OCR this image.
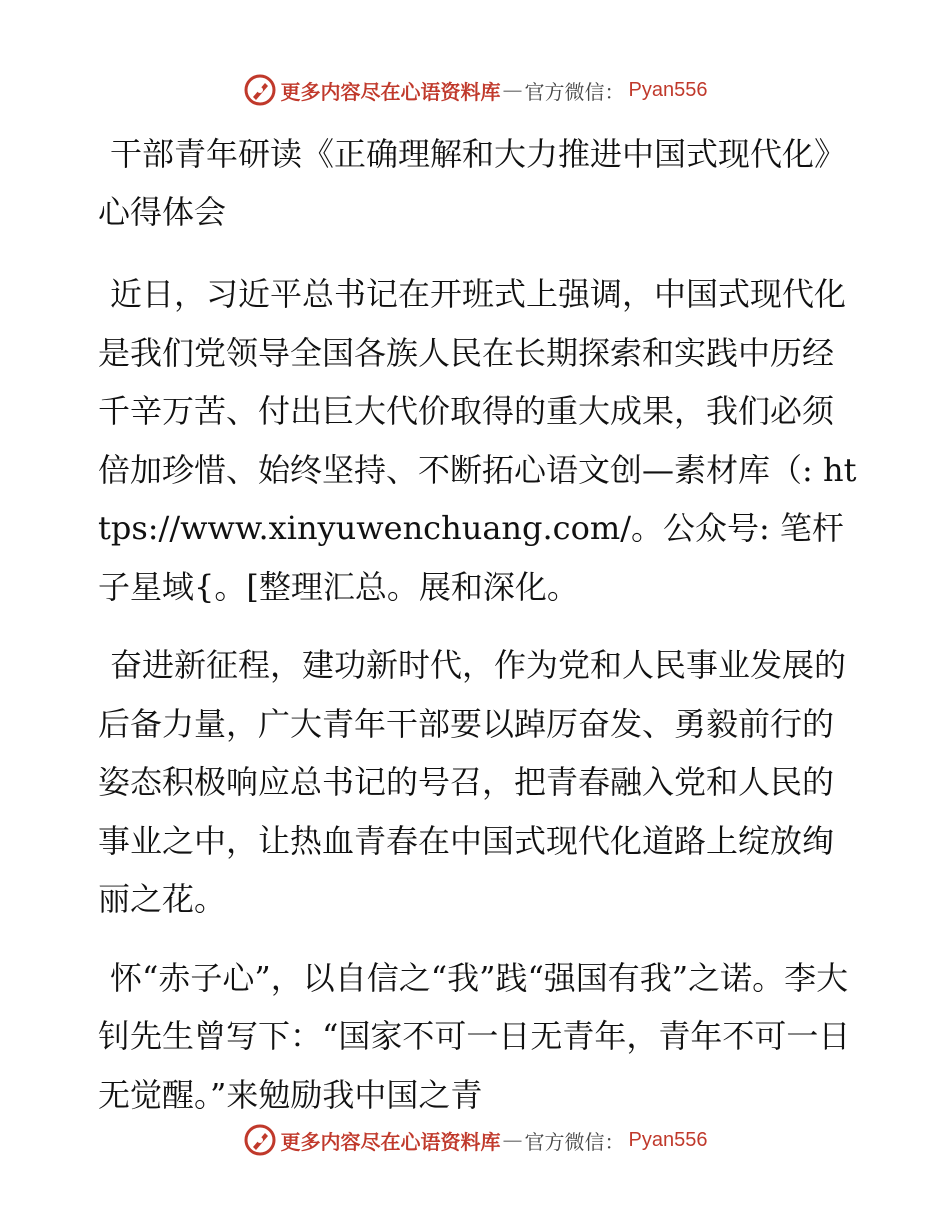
更多内容尽在心语资料库 — 官方微信： Pyan556
干部青年研读《正确理解和大力推进中国式现代化》心得体会

近日，习近平总书记在开班式上强调，中国式现代化是我们党领导全国各族人民在长期探索和实践中历经千辛万苦、付出巨大代价取得的重大成果，我们必须倍加珍惜、始终坚持、不断拓心语文创—素材库（: https://www.xinyuwenchuang.com/。公众号: 笔杆子星域{。[整理汇总。展和深化。

奋进新征程，建功新时代，作为党和人民事业发展的后备力量，广大青年干部要以踔厉奋发、勇毅前行的姿态积极响应总书记的号召，把青春融入党和人民的事业之中，让热血青春在中国式现代化道路上绽放绚丽之花。

怀“赤子心”，以自信之“我”践“强国有我”之诺。李大钊先生曾写下：“国家不可一日无青年，青年不可一日无觉醒。”来勉励我中国之青

更多内容尽在心语资料库 — 官方微信： Pyan556
